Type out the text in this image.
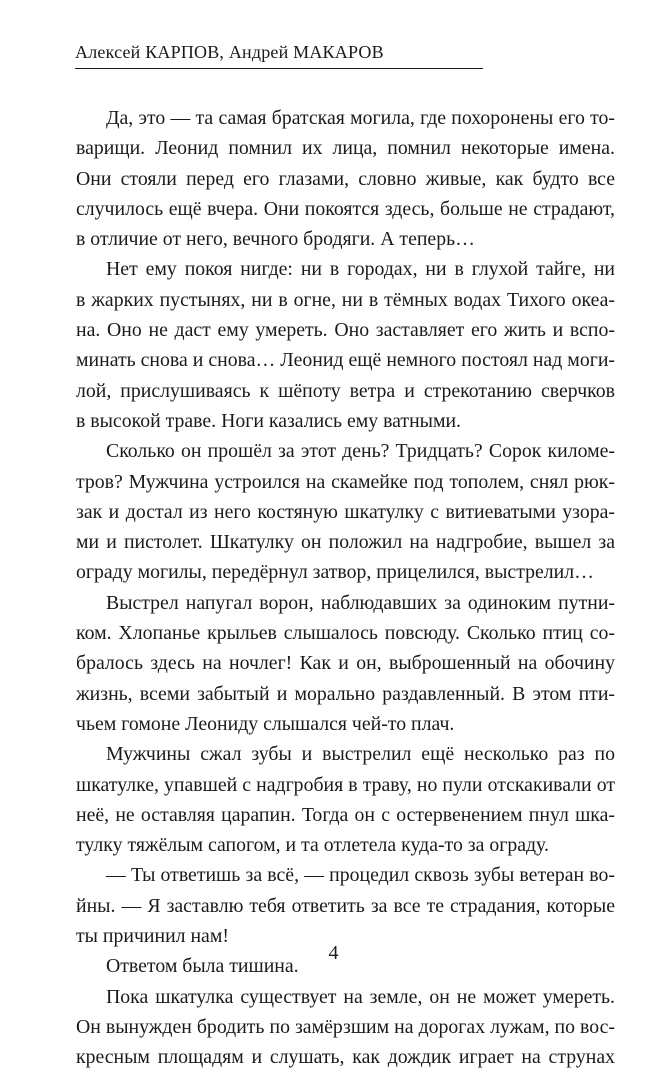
Алексей КАРПОВ, Андрей МАКАРОВ
Да, это — та самая братская могила, где похоронены его то-
варищи. Леонид помнил их лица, помнил некоторые имена.
Они стояли перед его глазами, словно живые, как будто все
случилось ещё вчера. Они покоятся здесь, больше не страдают,
в отличие от него, вечного бродяги. А теперь…
Нет ему покоя нигде: ни в городах, ни в глухой тайге, ни
в жарких пустынях, ни в огне, ни в тёмных водах Тихого океа-
на. Оно не даст ему умереть. Оно заставляет его жить и вспо-
минать снова и снова… Леонид ещё немного постоял над моги-
лой, прислушиваясь к шёпоту ветра и стрекотанию сверчков
в высокой траве. Ноги казались ему ватными.
Сколько он прошёл за этот день? Тридцать? Сорок киломе-
тров? Мужчина устроился на скамейке под тополем, снял рюк-
зак и достал из него костяную шкатулку с витиеватыми узора-
ми и пистолет. Шкатулку он положил на надгробие, вышел за
ограду могилы, передёрнул затвор, прицелился, выстрелил…
Выстрел напугал ворон, наблюдавших за одиноким путни-
ком. Хлопанье крыльев слышалось повсюду. Сколько птиц со-
бралось здесь на ночлег! Как и он, выброшенный на обочину
жизнь, всеми забытый и морально раздавленный. В этом пти-
чьем гомоне Леониду слышался чей-то плач.
Мужчины сжал зубы и выстрелил ещё несколько раз по
шкатулке, упавшей с надгробия в траву, но пули отскакивали от
неё, не оставляя царапин. Тогда он с остервенением пнул шка-
тулку тяжёлым сапогом, и та отлетела куда-то за ограду.
— Ты ответишь за всё, — процедил сквозь зубы ветеран во-
йны. — Я заставлю тебя ответить за все те страдания, которые
ты причинил нам!
Ответом была тишина.
Пока шкатулка существует на земле, он не может умереть.
Он вынужден бродить по замёрзшим на дорогах лужам, по вос-
кресным площадям и слушать, как дождик играет на струнах
4
